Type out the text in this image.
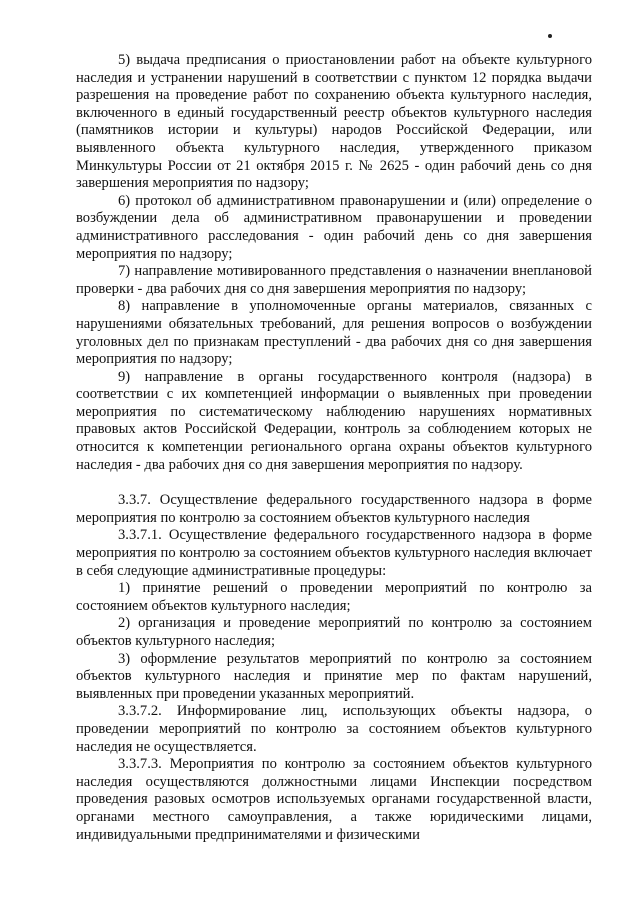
5) выдача предписания о приостановлении работ на объекте культурного наследия и устранении нарушений в соответствии с пунктом 12 порядка выдачи разрешения на проведение работ по сохранению объекта культурного наследия, включенного в единый государственный реестр объектов культурного наследия (памятников истории и культуры) народов Российской Федерации, или выявленного объекта культурного наследия, утвержденного приказом Минкультуры России от 21 октября 2015 г. № 2625 - один рабочий день со дня завершения мероприятия по надзору;

6) протокол об административном правонарушении и (или) определение о возбуждении дела об административном правонарушении и проведении административного расследования - один рабочий день со дня завершения мероприятия по надзору;

7) направление мотивированного представления о назначении внеплановой проверки - два рабочих дня со дня завершения мероприятия по надзору;

8) направление в уполномоченные органы материалов, связанных с нарушениями обязательных требований, для решения вопросов о возбуждении уголовных дел по признакам преступлений - два рабочих дня со дня завершения мероприятия по надзору;

9) направление в органы государственного контроля (надзора) в соответствии с их компетенцией информации о выявленных при проведении мероприятия по систематическому наблюдению нарушениях нормативных правовых актов Российской Федерации, контроль за соблюдением которых не относится к компетенции регионального органа охраны объектов культурного наследия - два рабочих дня со дня завершения мероприятия по надзору.

3.3.7. Осуществление федерального государственного надзора в форме мероприятия по контролю за состоянием объектов культурного наследия

3.3.7.1. Осуществление федерального государственного надзора в форме мероприятия по контролю за состоянием объектов культурного наследия включает в себя следующие административные процедуры:

1) принятие решений о проведении мероприятий по контролю за состоянием объектов культурного наследия;

2) организация и проведение мероприятий по контролю за состоянием объектов культурного наследия;

3) оформление результатов мероприятий по контролю за состоянием объектов культурного наследия и принятие мер по фактам нарушений, выявленных при проведении указанных мероприятий.

3.3.7.2. Информирование лиц, использующих объекты надзора, о проведении мероприятий по контролю за состоянием объектов культурного наследия не осуществляется.

3.3.7.3. Мероприятия по контролю за состоянием объектов культурного наследия осуществляются должностными лицами Инспекции посредством проведения разовых осмотров используемых органами государственной власти, органами местного самоуправления, а также юридическими лицами, индивидуальными предпринимателями и физическими
